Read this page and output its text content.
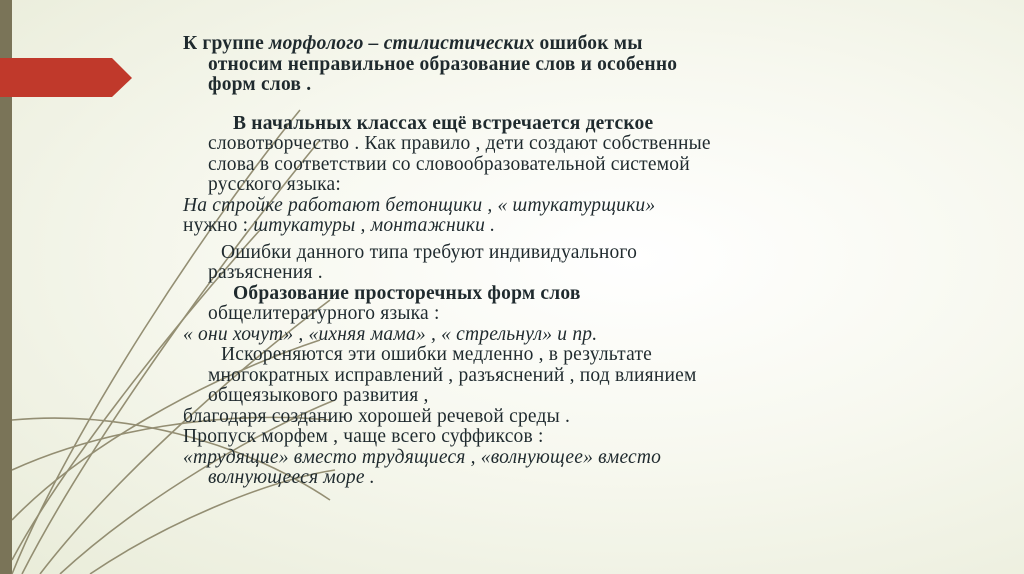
К группе морфолого – стилистических ошибок мы
относим неправильное образование слов и особенно
форм слов .
В начальных классах ещё встречается детское
словотворчество . Как правило , дети создают собственные
слова в соответствии со словообразовательной системой
русского языка:
На стройке работают бетонщики , « штукатурщики»
нужно : штукатуры , монтажники .
Ошибки данного типа требуют индивидуального
разъяснения .
Образование просторечных форм слов
общелитературного языка :
« они хочут» , «ихняя мама» , « стрельнул» и пр.
Искореняются эти ошибки медленно , в результате
многократных исправлений , разъяснений , под влиянием
общеязыкового развития ,
благодаря созданию хорошей речевой среды .
Пропуск морфем , чаще всего суффиксов :
«трудящие» вместо трудящиеся , «волнующее» вместо
волнующееся море .
